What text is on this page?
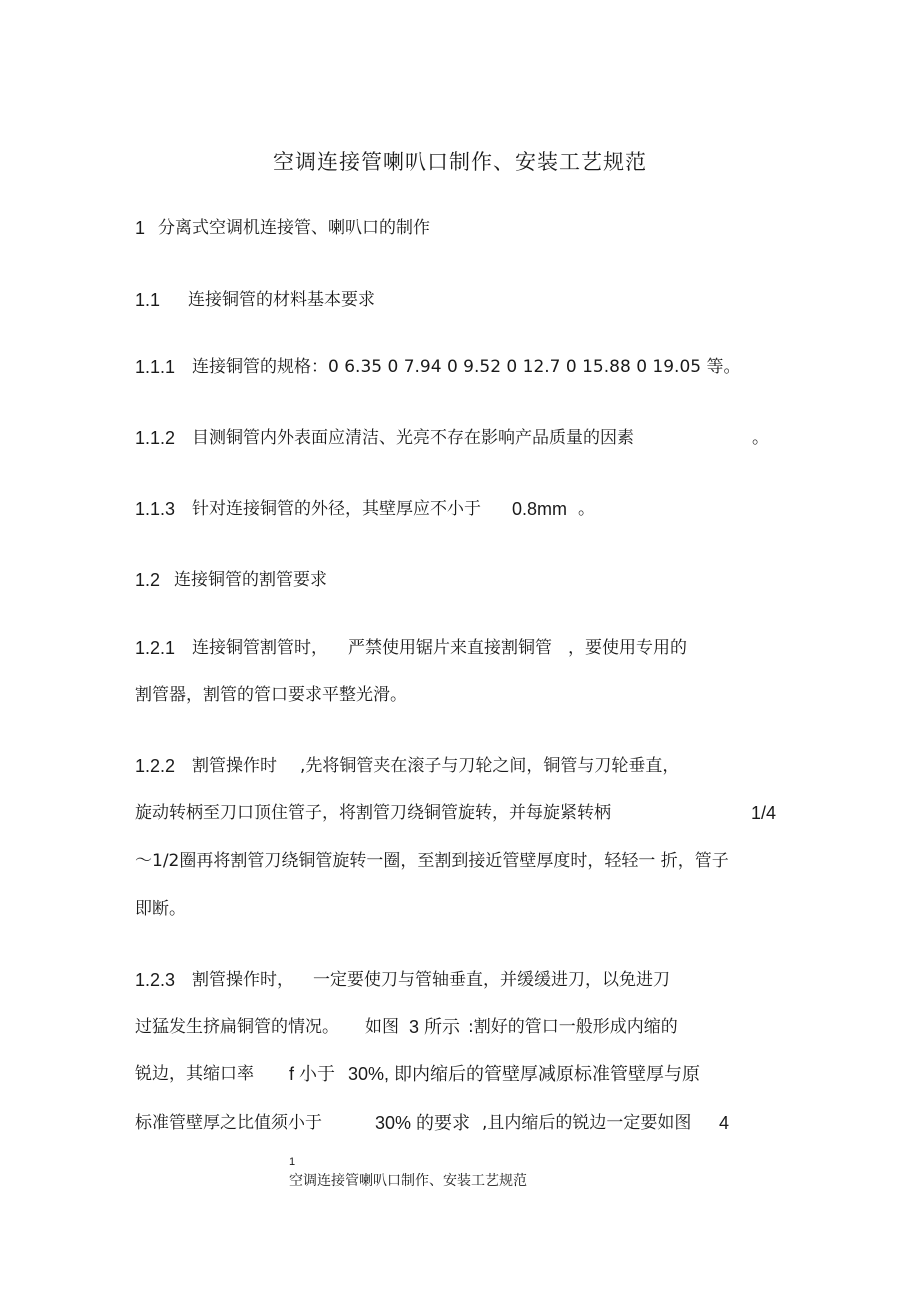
空调连接管喇叭口制作、安装工艺规范
1 分离式空调机连接管、喇叭口的制作
1.1 连接铜管的材料基本要求
1.1.1 连接铜管的规格：0 6.35 0 7.94 0 9.52 0 12.7 0 15.88 0 19.05 等。
1.1.2 目测铜管内外表面应清洁、光亮不存在影响产品质量的因素	。
1.1.3 针对连接铜管的外径，其壁厚应不小于 0.8mm 。
1.2 连接铜管的割管要求
1.2.1 连接铜管割管时， 严禁使用锯片来直接割铜管 ，要使用专用的
割管器，割管的管口要求平整光滑。
1.2.2 割管操作时 ,先将铜管夹在滚子与刀轮之间，铜管与刀轮垂直，
旋动转柄至刀口顶住管子，将割管刀绕铜管旋转，并每旋紧转柄	1/4
〜1/2圈再将割管刀绕铜管旋转一圈，至割到接近管壁厚度时，轻轻一 折，管子
即断。
1.2.3 割管操作时， 一定要使刀与管轴垂直，并缓缓进刀，以免进刀
过猛发生挤扁铜管的情况。 如图 3 所示 :割好的管口一般形成内缩的
锐边，其缩口率 f 小于 30%, 即内缩后的管壁厚减原标准管壁厚与原
标准管壁厚之比值须小于	30% 的要求 ,且内缩后的锐边一定要如图 4
1
空调连接管喇叭口制作、安装工艺规范
